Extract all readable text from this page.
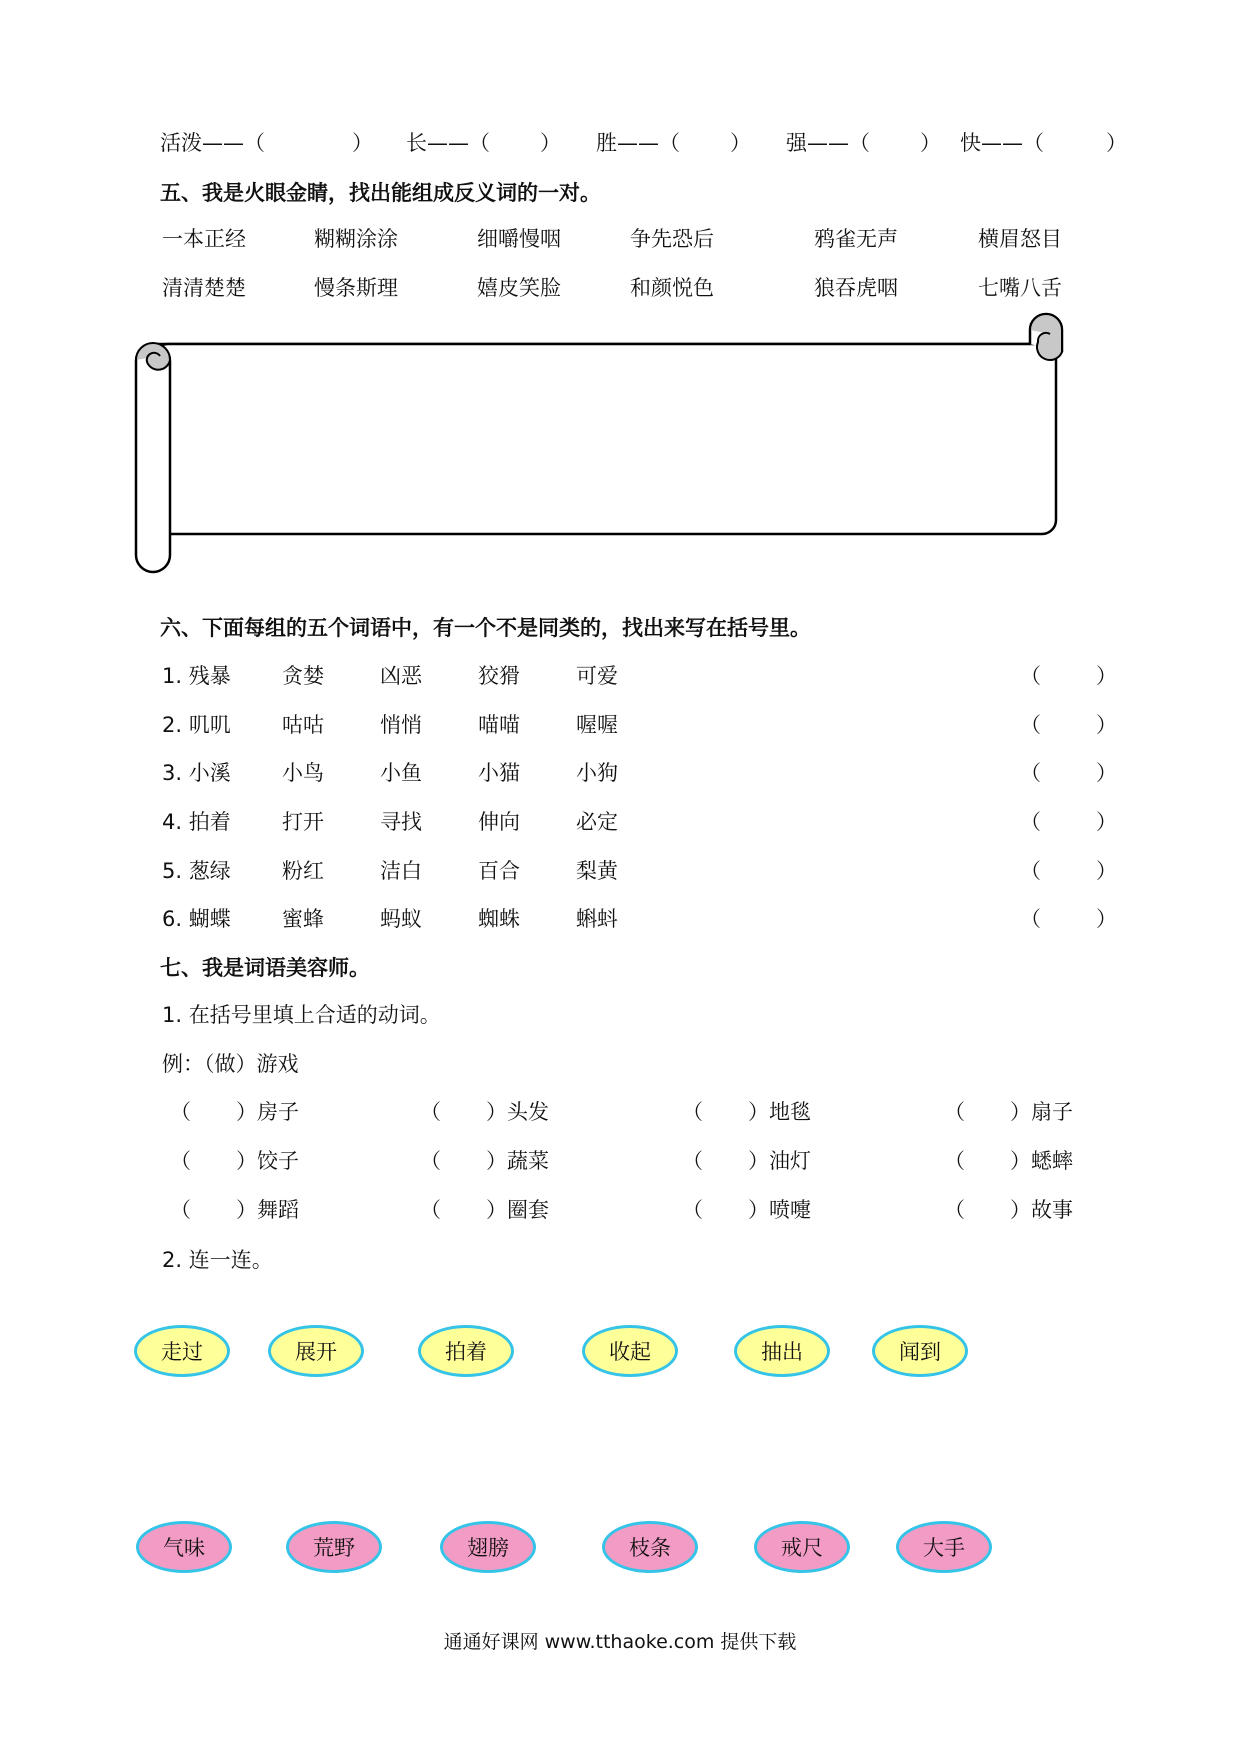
活泼——（	） 长——（ ） 胜——（ ） 强——（ ） 快——（	）
五、我是火眼金睛，找出能组成反义词的一对。
一本正经	糊糊涂涂	细嚼慢咽	争先恐后	鸦雀无声	横眉怒目
清清楚楚	慢条斯理	嬉皮笑脸	和颜悦色	狼吞虎咽	七嘴八舌
六、下面每组的五个词语中，有一个不是同类的，找出来写在括号里。
1. 残暴 贪婪	凶恶	狡猾	可爱	（	）
2. 叽叽 咕咕	悄悄	喵喵	喔喔	（	）
3. 小溪 小鸟	小鱼	小猫	小狗	（	）
4. 拍着 打开	寻找	伸向	必定	（	）
5. 葱绿 粉红	洁白	百合	梨黄	（	）
6. 蝴蝶 蜜蜂	蚂蚁	蜘蛛	蝌蚪	（	）
七、我是词语美容师。
1. 在括号里填上合适的动词。
例：（做）游戏
（ ）房子	（ ）头发	（ ）地毯	（ ）扇子
（ ）饺子	（ ）蔬菜	（ ）油灯	（ ）蟋蟀
（ ）舞蹈	（ ）圈套	（ ）喷嚏	（ ）故事
2. 连一连。
走过	展开	拍着	收起	抽出	闻到
气味	荒野	翅膀	枝条	戒尺	大手
通通好课网 www.tthaoke.com 提供下载
